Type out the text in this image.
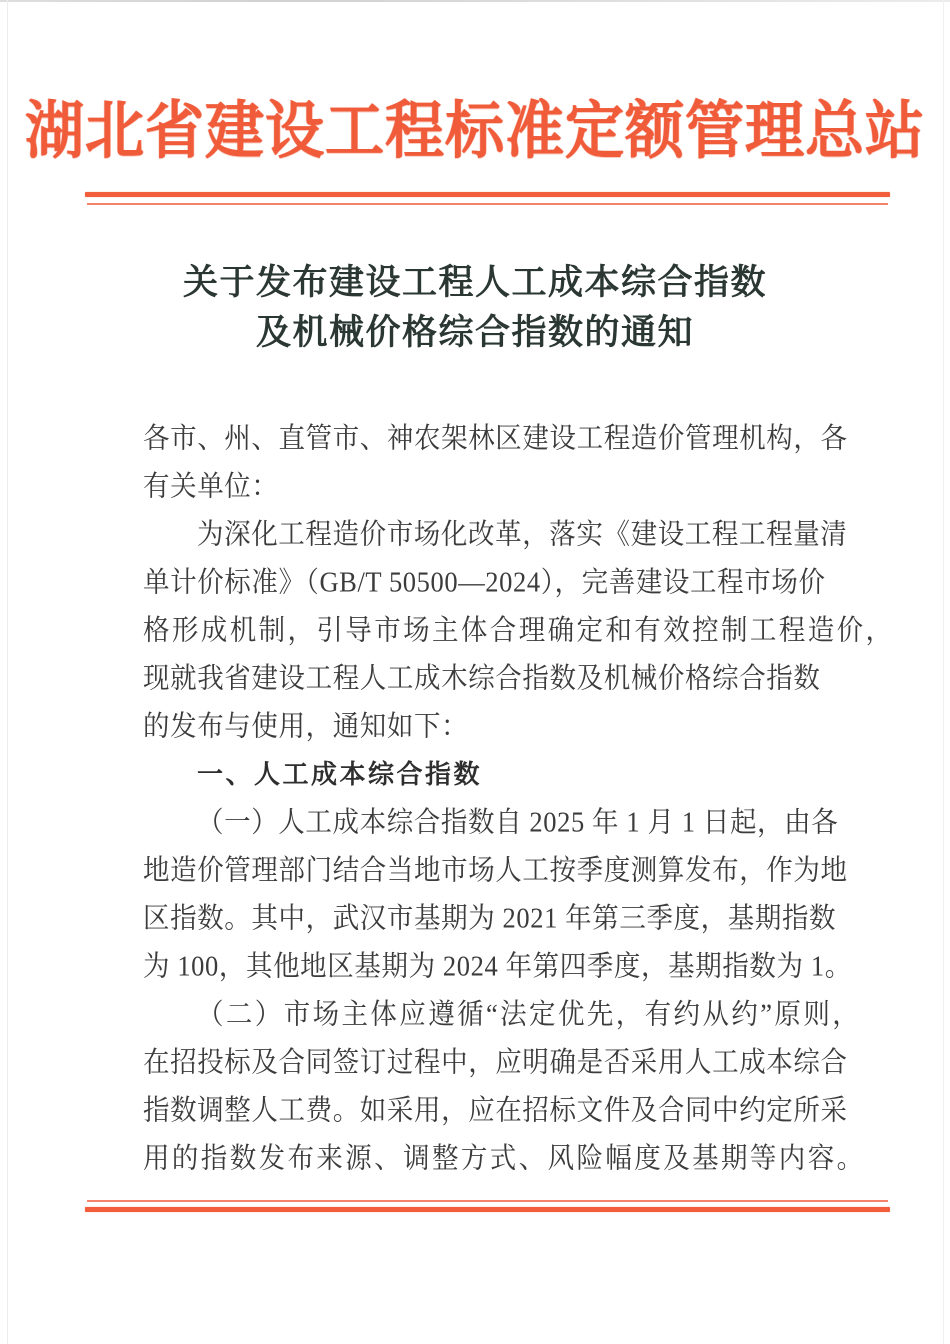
湖北省建设工程标准定额管理总站
关于发布建设工程人工成本综合指数
及机械价格综合指数的通知
各市、州、直管市、神农架林区建设工程造价管理机构，各
有关单位：
为深化工程造价市场化改革，落实《建设工程工程量清
单计价标准》（GB/T 50500—2024），完善建设工程市场价
格形成机制，引导市场主体合理确定和有效控制工程造价，
现就我省建设工程人工成木综合指数及机械价格综合指数
的发布与使用，通知如下：
一、人工成本综合指数
（一）人工成本综合指数自 2025 年 1 月 1 日起，由各
地造价管理部门结合当地市场人工按季度测算发布，作为地
区指数。其中，武汉市基期为 2021 年第三季度，基期指数
为 100，其他地区基期为 2024 年第四季度，基期指数为 1。
（二）市场主体应遵循“法定优先，有约从约”原则，
在招投标及合同签订过程中，应明确是否采用人工成本综合
指数调整人工费。如采用，应在招标文件及合同中约定所采
用的指数发布来源、调整方式、风险幅度及基期等内容。
